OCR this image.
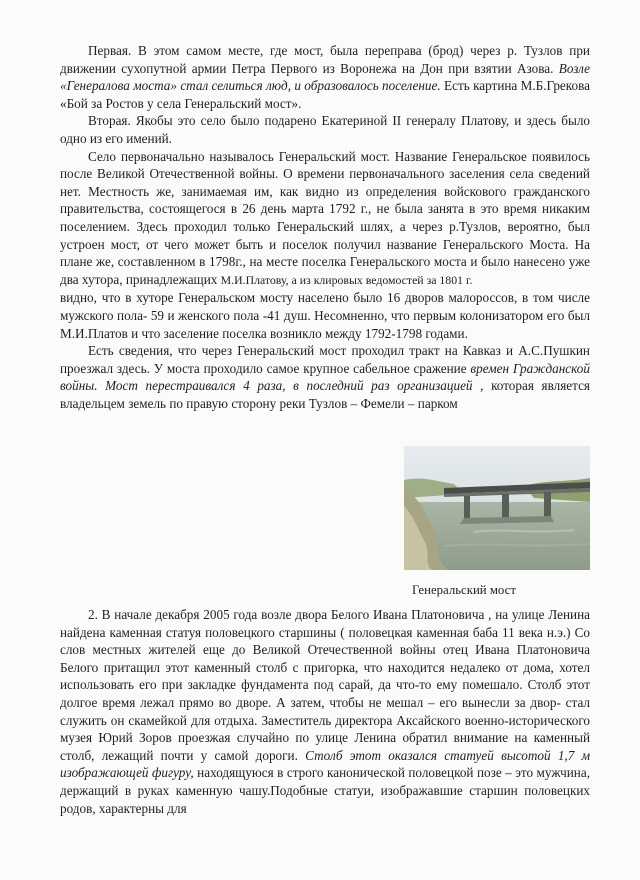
Первая. В этом самом месте, где мост, была переправа (брод) через р. Тузлов при движении сухопутной армии Петра Первого из Воронежа на Дон при взятии Азова. Возле «Генералова моста» стал селиться люд, и образовалось поселение. Есть картина М.Б.Грекова «Бой за Ростов у села Генеральский мост».

Вторая. Якобы это село было подарено Екатериной II генералу Платову, и здесь было одно из его имений.

Село первоначально называлось Генеральский мост. Название Генеральское появилось после Великой Отечественной войны. О времени первоначального заселения села сведений нет. Местность же, занимаемая им, как видно из определения войскового гражданского правительства, состоящегося в 26 день марта 1792 г., не была занята в это время никаким поселением. Здесь проходил только Генеральский шлях, а через р.Тузлов, вероятно, был устроен мост, от чего может быть и поселок получил название Генеральского Моста. На плане же, составленном в 1798г., на месте поселка Генеральского моста и было нанесено уже два хутора, принадлежащих М.И.Платову, а из клировых ведомостей за 1801 г.

видно, что в хуторе Генеральском мосту населено было 16 дворов малороссов, в том числе мужского пола- 59 и женского пола -41 душ. Несомненно, что первым колонизатором его был М.И.Платов и что заселение поселка возникло между 1792-1798 годами.

Есть сведения, что через Генеральский мост проходил тракт на Кавказ и А.С.Пушкин проезжал здесь. У моста проходило самое крупное сабельное сражение времен Гражданской войны. Мост перестраивался 4 раза, в последний раз организацией , которая является владельцем земель по правую сторону реки Тузлов – Фемели – парком

Генеральский мост

2. В начале декабря 2005 года возле двора Белого Ивана Платоновича , на улице Ленина найдена каменная статуя половецкого старшины ( половецкая каменная баба 11 века н.э.) Со слов местных жителей еще до Великой Отечественной войны отец Ивана Платоновича Белого притащил этот каменный столб с пригорка, что находится недалеко от дома, хотел использовать его при закладке фундамента под сарай, да что-то ему помешало. Столб этот долгое время лежал прямо во дворе. А затем, чтобы не мешал – его вынесли за двор- стал служить он скамейкой для отдыха. Заместитель директора Аксайского военно-исторического музея Юрий Зоров проезжая случайно по улице Ленина обратил внимание на каменный столб, лежащий почти у самой дороги. Столб этот оказался статуей высотой 1,7 м изображающей фигуру, находящуюся в строго канонической половецкой позе – это мужчина, держащий в руках каменную чашу.Подобные статуи, изображавшие старшин половецких родов, характерны для
